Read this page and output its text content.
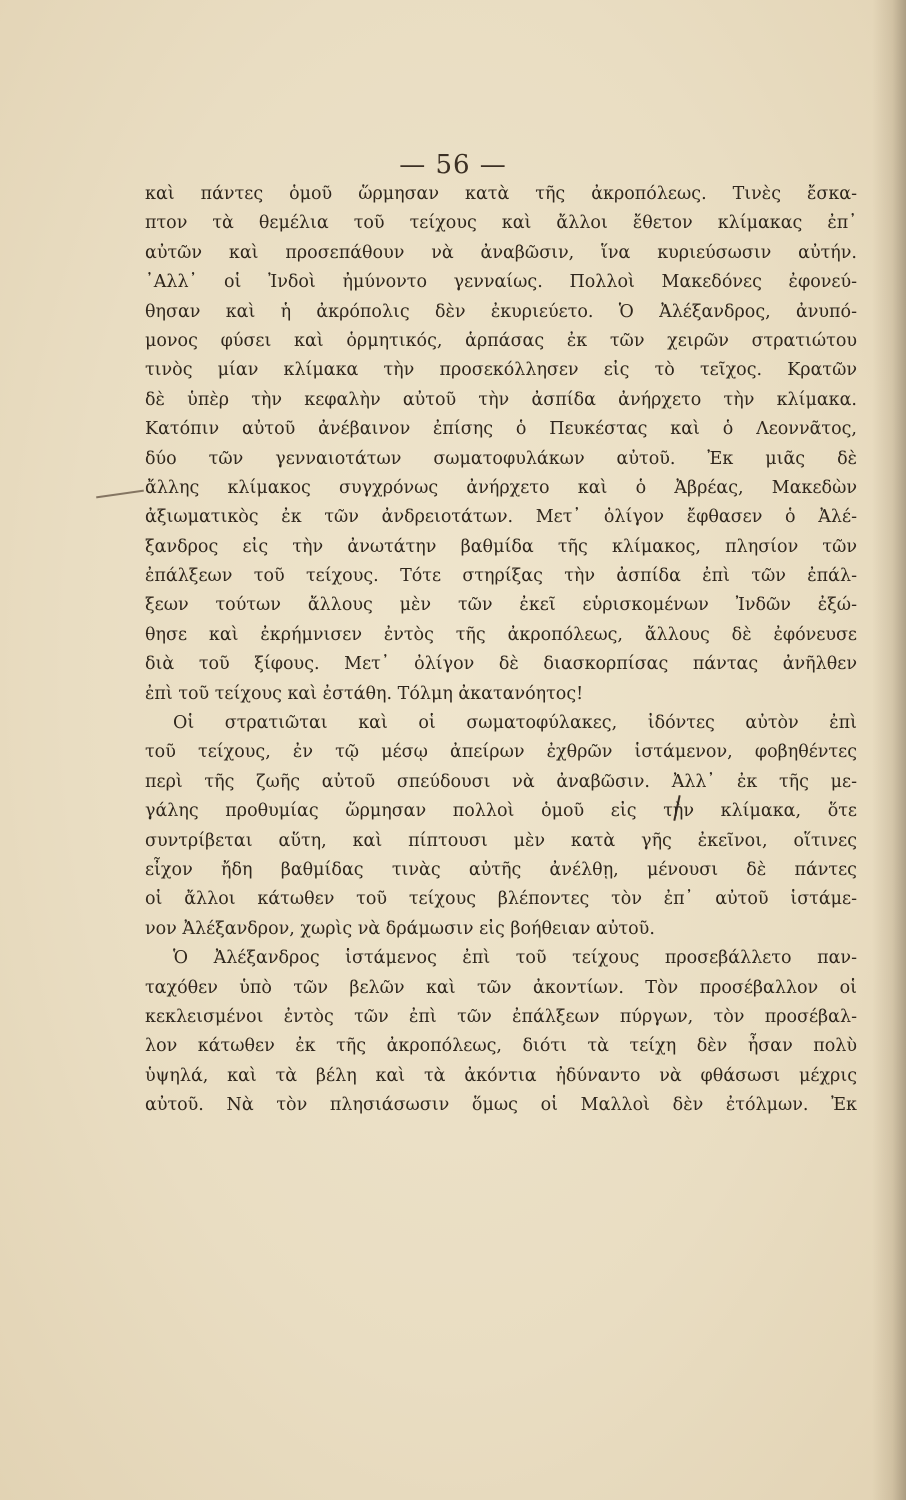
— 56 —
καὶ πάντες ὁμοῦ ὥρμησαν κατὰ τῆς ἀκροπόλεως. Τινὲς ἔσκα-
πτον τὰ θεμέλια τοῦ τείχους καὶ ἄλλοι ἔθετον κλίμακας ἐπ᾽
αὐτῶν καὶ προσεπάθουν νὰ ἀναβῶσιν, ἵνα κυριεύσωσιν αὐτήν.
᾽Αλλ᾽ οἱ Ἰνδοὶ ἠμύνοντο γενναίως. Πολλοὶ Μακεδόνες ἐφονεύ-
θησαν καὶ ἡ ἀκρόπολις δὲν ἐκυριεύετο. Ὁ Ἀλέξανδρος, ἀνυπό-
μονος φύσει καὶ ὁρμητικός, ἁρπάσας ἐκ τῶν χειρῶν στρατιώτου
τινὸς μίαν κλίμακα τὴν προσεκόλλησεν εἰς τὸ τεῖχος. Κρατῶν
δὲ ὑπὲρ τὴν κεφαλὴν αὐτοῦ τὴν ἀσπίδα ἀνήρχετο τὴν κλίμακα.
Κατόπιν αὐτοῦ ἀνέβαινον ἐπίσης ὁ Πευκέστας καὶ ὁ Λεοννᾶτος,
δύο τῶν γενναιοτάτων σωματοφυλάκων αὐτοῦ. Ἐκ μιᾶς δὲ
ἄλλης κλίμακος συγχρόνως ἀνήρχετο καὶ ὁ Ἀβρέας, Μακεδὼν
ἀξιωματικὸς ἐκ τῶν ἀνδρειοτάτων. Μετ᾽ ὀλίγον ἔφθασεν ὁ Ἀλέ-
ξανδρος εἰς τὴν ἀνωτάτην βαθμίδα τῆς κλίμακος, πλησίον τῶν
ἐπάλξεων τοῦ τείχους. Τότε στηρίξας τὴν ἀσπίδα ἐπὶ τῶν ἐπάλ-
ξεων τούτων ἄλλους μὲν τῶν ἐκεῖ εὑρισκομένων Ἰνδῶν ἐξώ-
θησε καὶ ἐκρήμνισεν ἐντὸς τῆς ἀκροπόλεως, ἄλλους δὲ ἐφόνευσε
διὰ τοῦ ξίφους. Μετ᾽ ὀλίγον δὲ διασκορπίσας πάντας ἀνῆλθεν
ἐπὶ τοῦ τείχους καὶ ἐστάθη. Τόλμη ἀκατανόητος!
Οἱ στρατιῶται καὶ οἱ σωματοφύλακες, ἰδόντες αὐτὸν ἐπὶ
τοῦ τείχους, ἐν τῷ μέσῳ ἀπείρων ἐχθρῶν ἱστάμενον, φοβηθέντες
περὶ τῆς ζωῆς αὐτοῦ σπεύδουσι νὰ ἀναβῶσιν. Ἀλλ᾽ ἐκ τῆς με-
γάλης προθυμίας ὥρμησαν πολλοὶ ὁμοῦ εἰς τὴν κλίμακα, ὅτε
συντρίβεται αὕτη, καὶ πίπτουσι μὲν κατὰ γῆς ἐκεῖνοι, οἵτινες
εἶχον ἤδη βαθμίδας τινὰς αὐτῆς ἀνέλθῃ, μένουσι δὲ πάντες
οἱ ἄλλοι κάτωθεν τοῦ τείχους βλέποντες τὸν ἐπ᾽ αὐτοῦ ἱστάμε-
νον Ἀλέξανδρον, χωρὶς νὰ δράμωσιν εἰς βοήθειαν αὐτοῦ.
Ὁ Ἀλέξανδρος ἱστάμενος ἐπὶ τοῦ τείχους προσεβάλλετο παν-
ταχόθεν ὑπὸ τῶν βελῶν καὶ τῶν ἀκοντίων. Τὸν προσέβαλλον οἱ
κεκλεισμένοι ἐντὸς τῶν ἐπὶ τῶν ἐπάλξεων πύργων, τὸν προσέβαλ-
λον κάτωθεν ἐκ τῆς ἀκροπόλεως, διότι τὰ τείχη δὲν ἦσαν πολὺ
ὑψηλά, καὶ τὰ βέλη καὶ τὰ ἀκόντια ἠδύναντο νὰ φθάσωσι μέχρις
αὐτοῦ. Νὰ τὸν πλησιάσωσιν ὅμως οἱ Μαλλοὶ δὲν ἐτόλμων. Ἐκ
